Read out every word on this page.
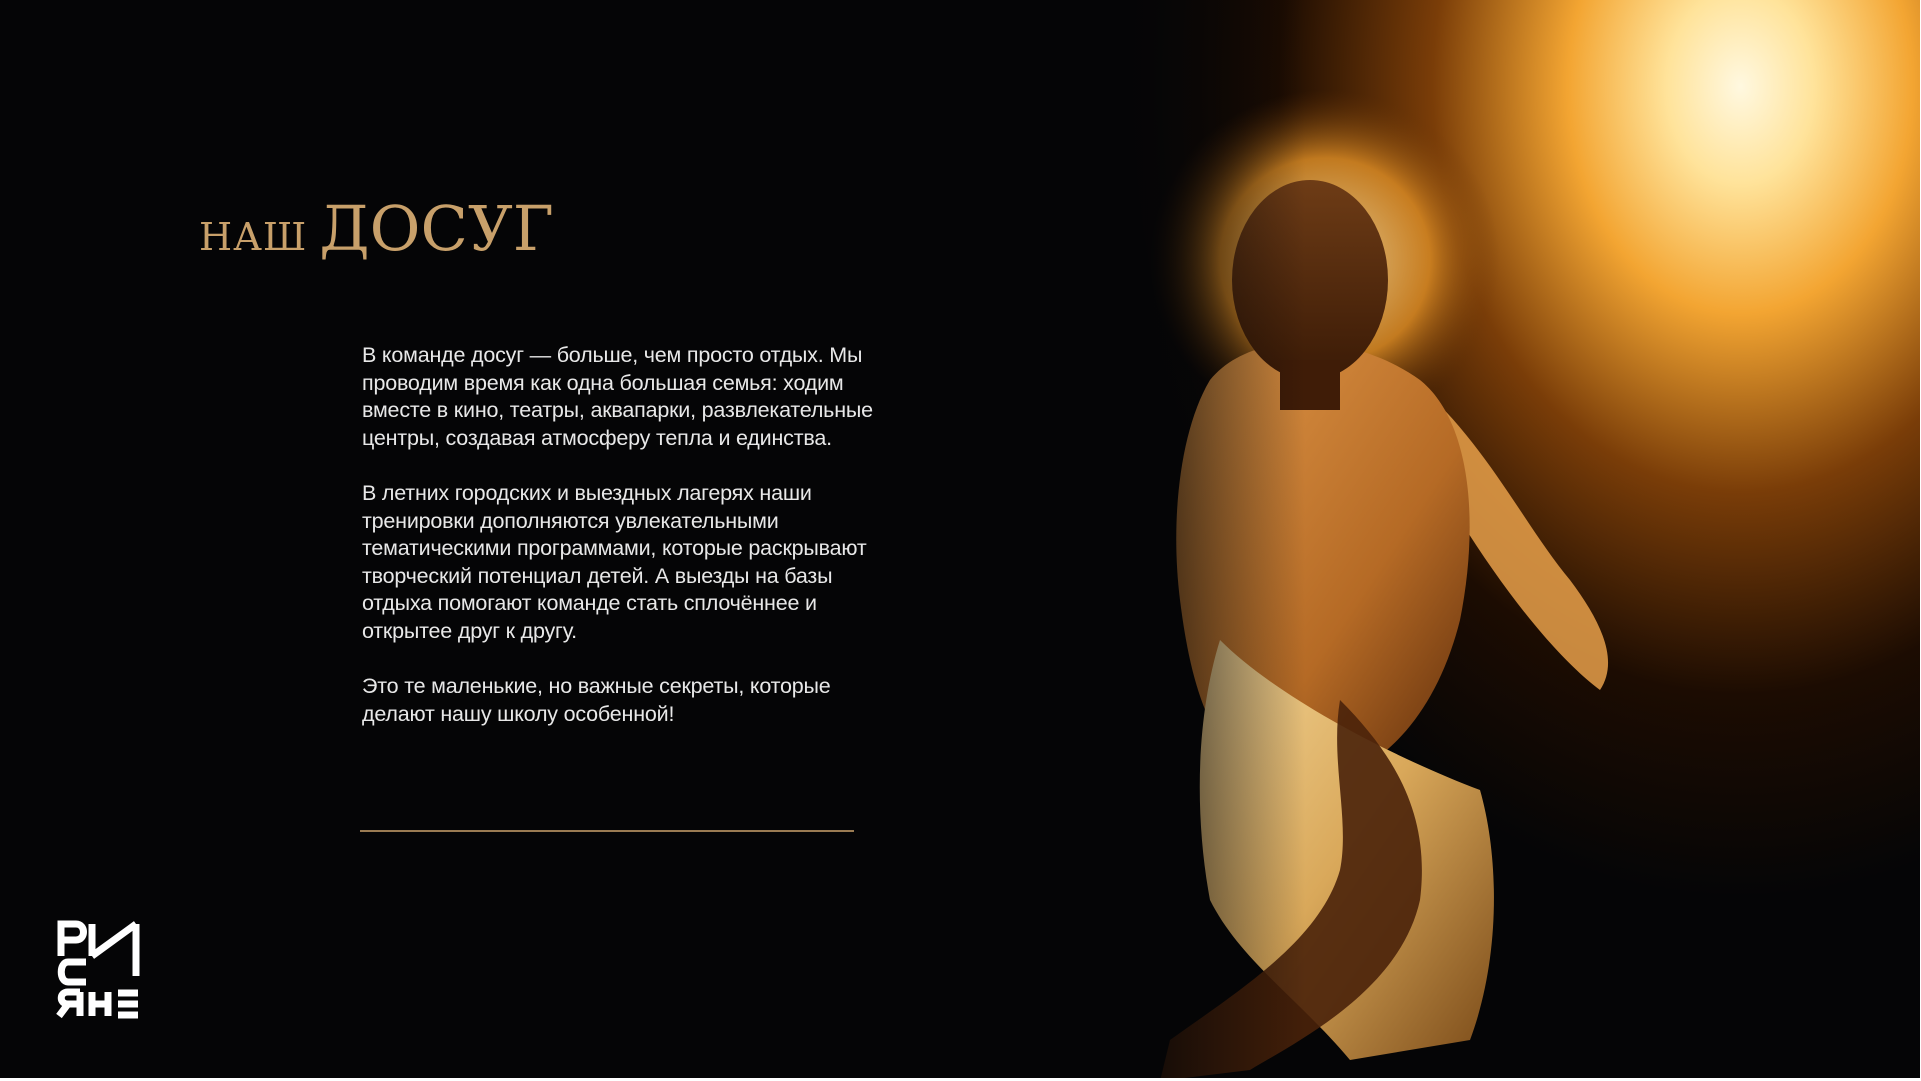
НАШ ДОСУГ

В команде досуг — больше, чем просто отдых. Мы проводим время как одна большая семья: ходим вместе в кино, театры, аквапарки, развлекательные центры, создавая атмосферу тепла и единства.

В летних городских и выездных лагерях наши тренировки дополняются увлекательными тематическими программами, которые раскрывают творческий потенциал детей. А выезды на базы отдыха помогают команде стать сплочённее и открытее друг к другу.

Это те маленькие, но важные секреты, которые делают нашу школу особенной!
